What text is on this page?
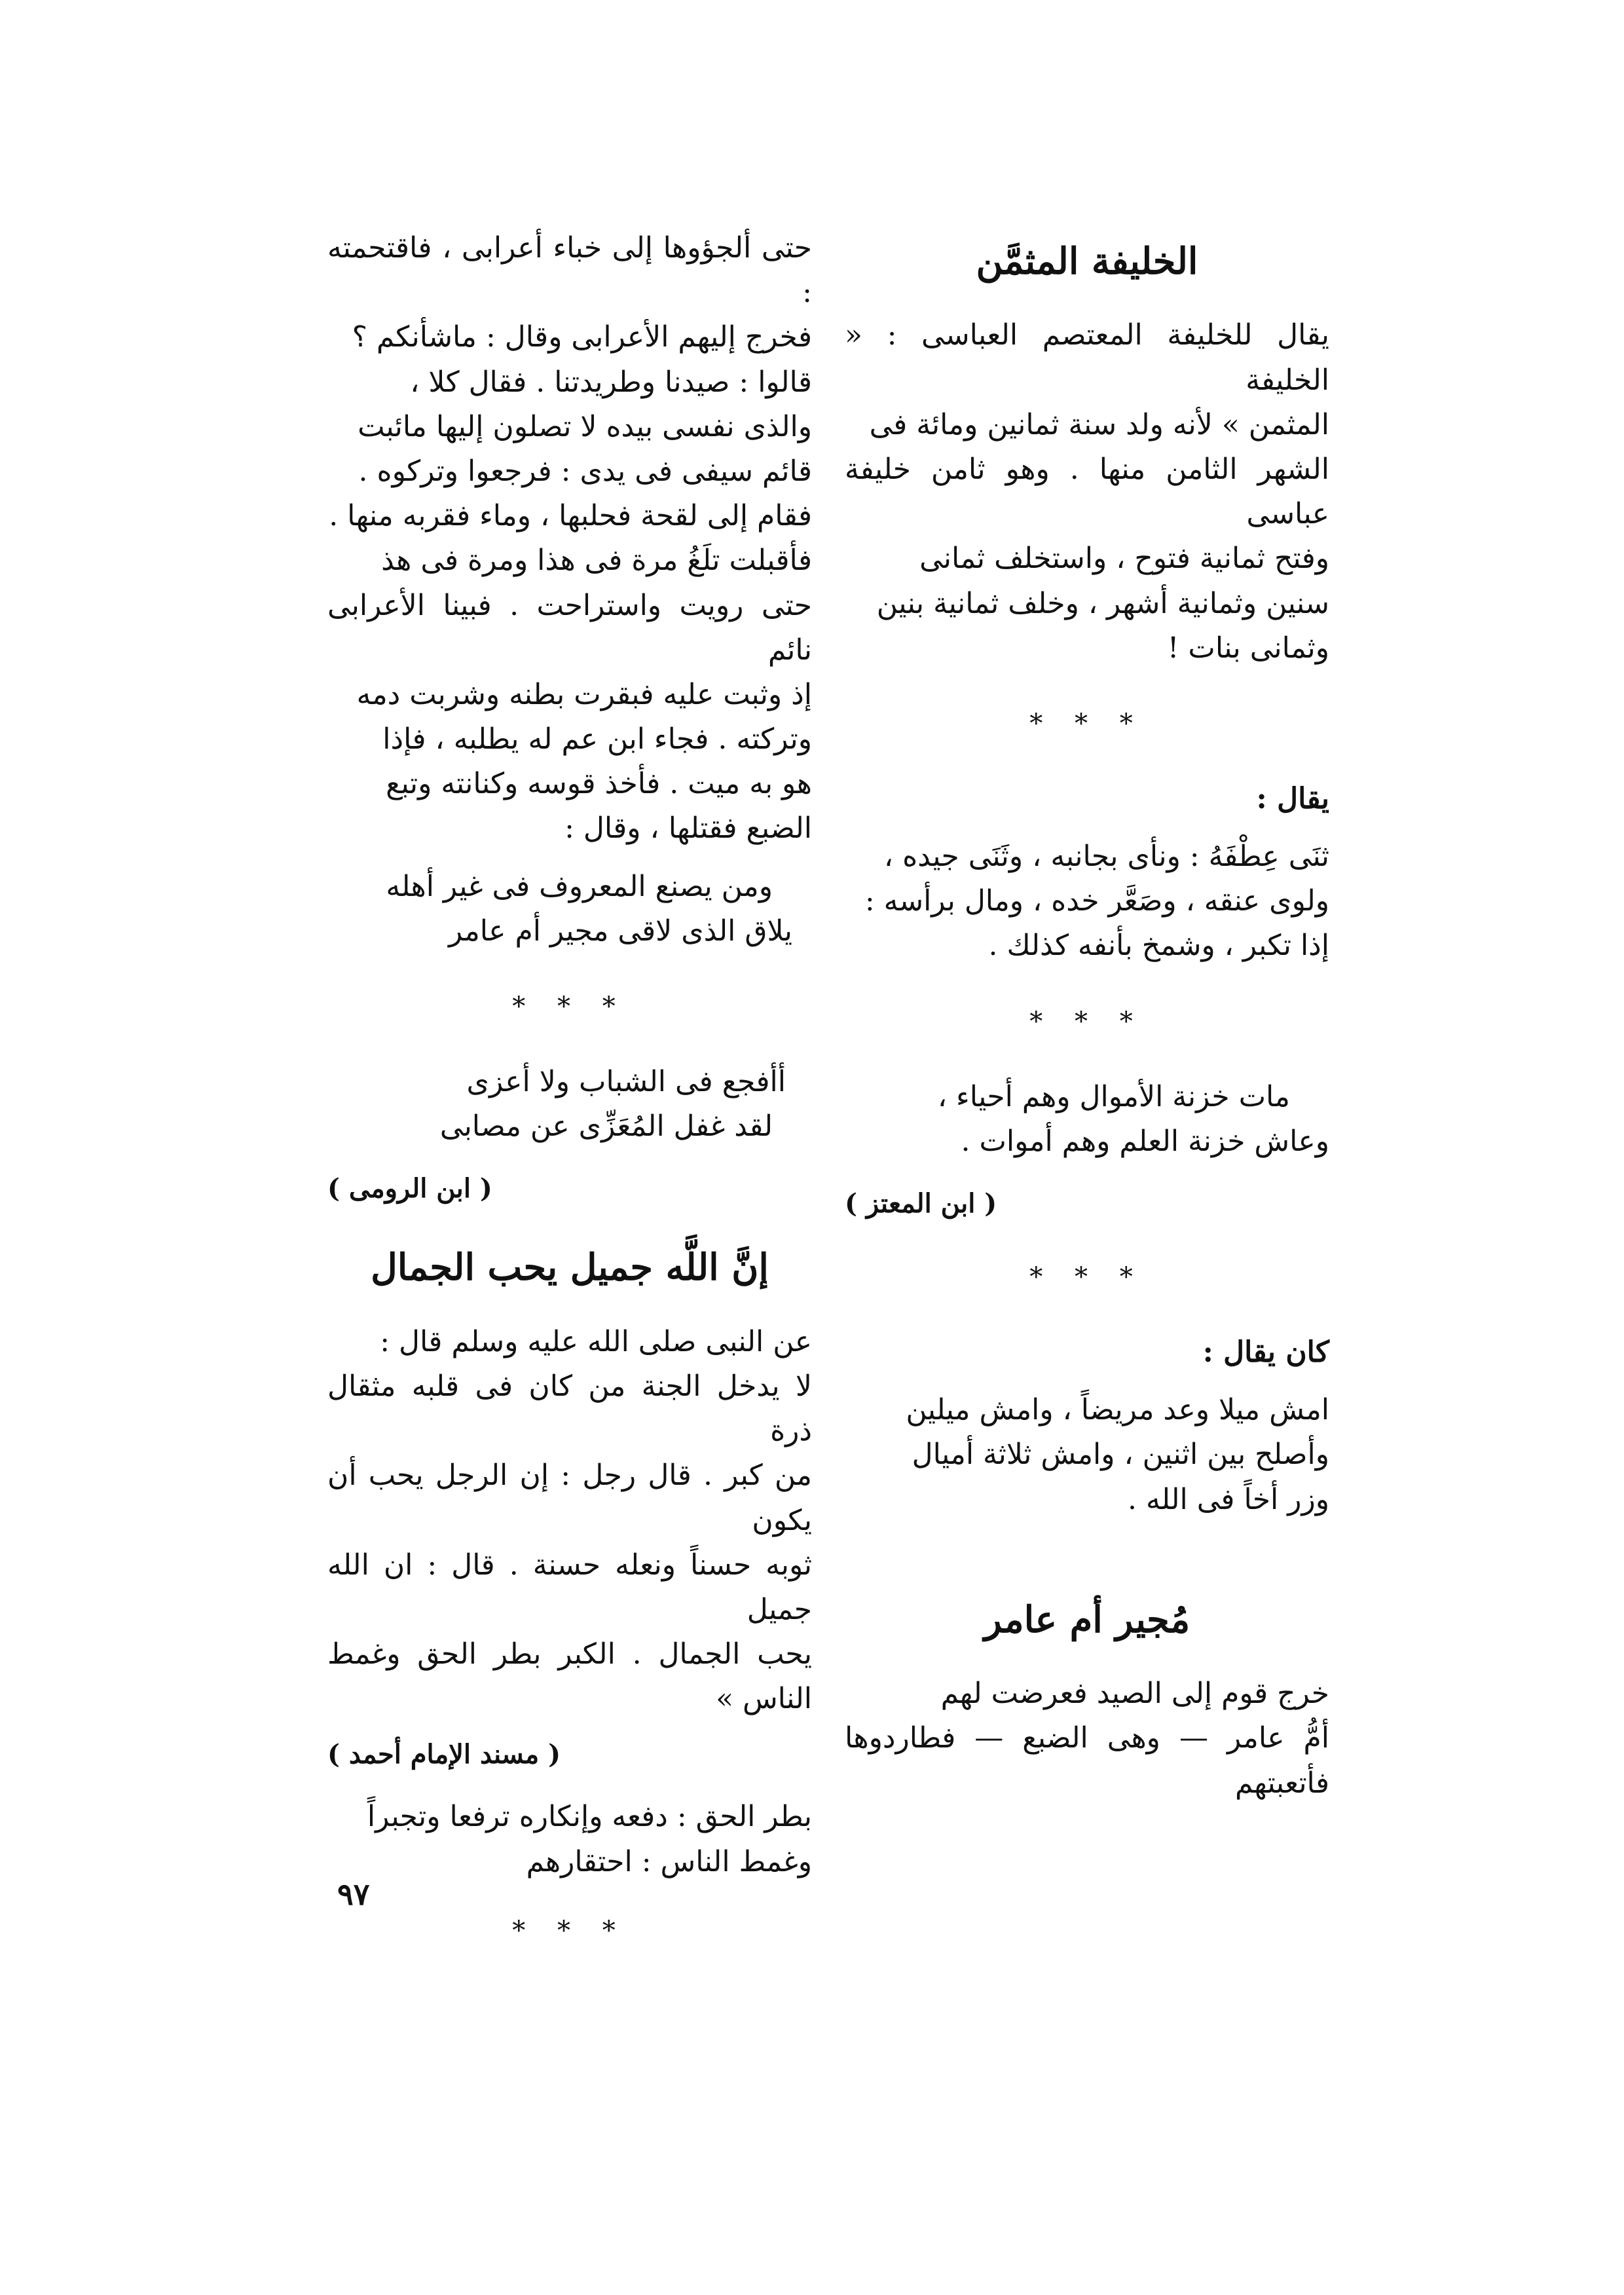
الخليفة المثمَّن
يقال للخليفة المعتصم العباسى : « الخليفة
المثمن » لأنه ولد سنة ثمانين ومائة فى
الشهر الثامن منها . وهو ثامن خليفة عباسى
وفتح ثمانية فتوح ، واستخلف ثمانى
سنين وثمانية أشهر ، وخلف ثمانية بنين
وثمانى بنات !
* * *
يقال :
ثنَى عِطْفَهُ : ونأى بجانبه ، وثَنَى جيده ،
ولوى عنقه ، وصَعَّر خده ، ومال برأسه :
إذا تكبر ، وشمخ بأنفه كذلك .
* * *
مات خزنة الأموال وهم أحياء ،
وعاش خزنة العلم وهم أموات .
( ابن المعتز )
* * *
كان يقال :
امش ميلا وعد مريضاً ، وامش ميلين
وأصلح بين اثنين ، وامش ثلاثة أميال
وزر أخاً فى الله .
مُجير أم عامر
خرج قوم إلى الصيد فعرضت لهم
أمُّ عامر — وهى الضبع — فطاردوها فأتعبتهم
حتى ألجؤوها إلى خباء أعرابى ، فاقتحمته :
فخرج إليهم الأعرابى وقال : ماشأنكم ؟
قالوا : صيدنا وطريدتنا . فقال كلا ،
والذى نفسى بيده لا تصلون إليها مائبت
قائم سيفى فى يدى : فرجعوا وتركوه .
فقام إلى لقحة فحلبها ، وماء فقربه منها .
فأقبلت تلَغُ مرة فى هذا ومرة فى هذ
حتى رويت واستراحت . فبينا الأعرابى نائم
إذ وثبت عليه فبقرت بطنه وشربت دمه
وتركته . فجاء ابن عم له يطلبه ، فإذا
هو به ميت . فأخذ قوسه وكنانته وتبع
الضبع فقتلها ، وقال :
ومن يصنع المعروف فى غير أهله
يلاق الذى لاقى مجير أم عامر
* * *
أأفجع فى الشباب ولا أعزى
لقد غفل المُعَزِّى عن مصابى
( ابن الرومى )
إنَّ اللَّه جميل يحب الجمال
عن النبى صلى الله عليه وسلم قال :
لا يدخل الجنة من كان فى قلبه مثقال ذرة
من كبر . قال رجل : إن الرجل يحب أن يكون
ثوبه حسناً ونعله حسنة . قال : ان الله جميل
يحب الجمال . الكبر بطر الحق وغمط الناس »
( مسند الإمام أحمد )
بطر الحق : دفعه وإنكاره ترفعا وتجبراً
وغمط الناس : احتقارهم
* * *
٩٧
